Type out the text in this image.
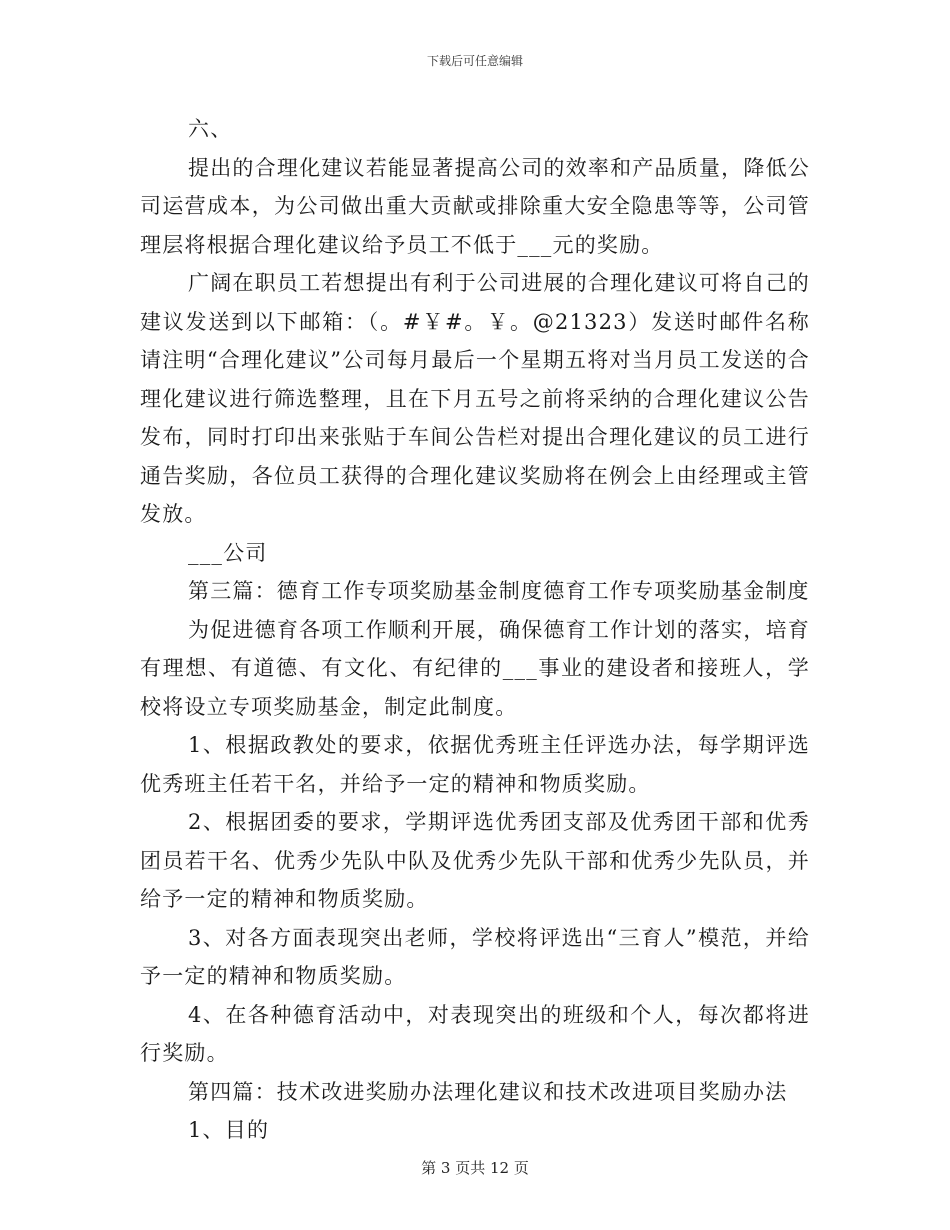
下载后可任意编辑

六、

提出的合理化建议若能显著提高公司的效率和产品质量，降低公司运营成本，为公司做出重大贡献或排除重大安全隐患等等，公司管理层将根据合理化建议给予员工不低于___元的奖励。

广阔在职员工若想提出有利于公司进展的合理化建议可将自己的建议发送到以下邮箱：（。#￥#。￥。@21323）发送时邮件名称请注明“合理化建议”公司每月最后一个星期五将对当月员工发送的合理化建议进行筛选整理，且在下月五号之前将采纳的合理化建议公告发布，同时打印出来张贴于车间公告栏对提出合理化建议的员工进行通告奖励，各位员工获得的合理化建议奖励将在例会上由经理或主管发放。

___公司

第三篇：德育工作专项奖励基金制度德育工作专项奖励基金制度

为促进德育各项工作顺利开展，确保德育工作计划的落实，培育有理想、有道德、有文化、有纪律的___事业的建设者和接班人，学校将设立专项奖励基金，制定此制度。

1、根据政教处的要求，依据优秀班主任评选办法，每学期评选优秀班主任若干名，并给予一定的精神和物质奖励。

2、根据团委的要求，学期评选优秀团支部及优秀团干部和优秀团员若干名、优秀少先队中队及优秀少先队干部和优秀少先队员，并给予一定的精神和物质奖励。

3、对各方面表现突出老师，学校将评选出“三育人”模范，并给予一定的精神和物质奖励。

4、在各种德育活动中，对表现突出的班级和个人，每次都将进行奖励。

第四篇：技术改进奖励办法理化建议和技术改进项目奖励办法

1、目的

第 3 页共 12 页
